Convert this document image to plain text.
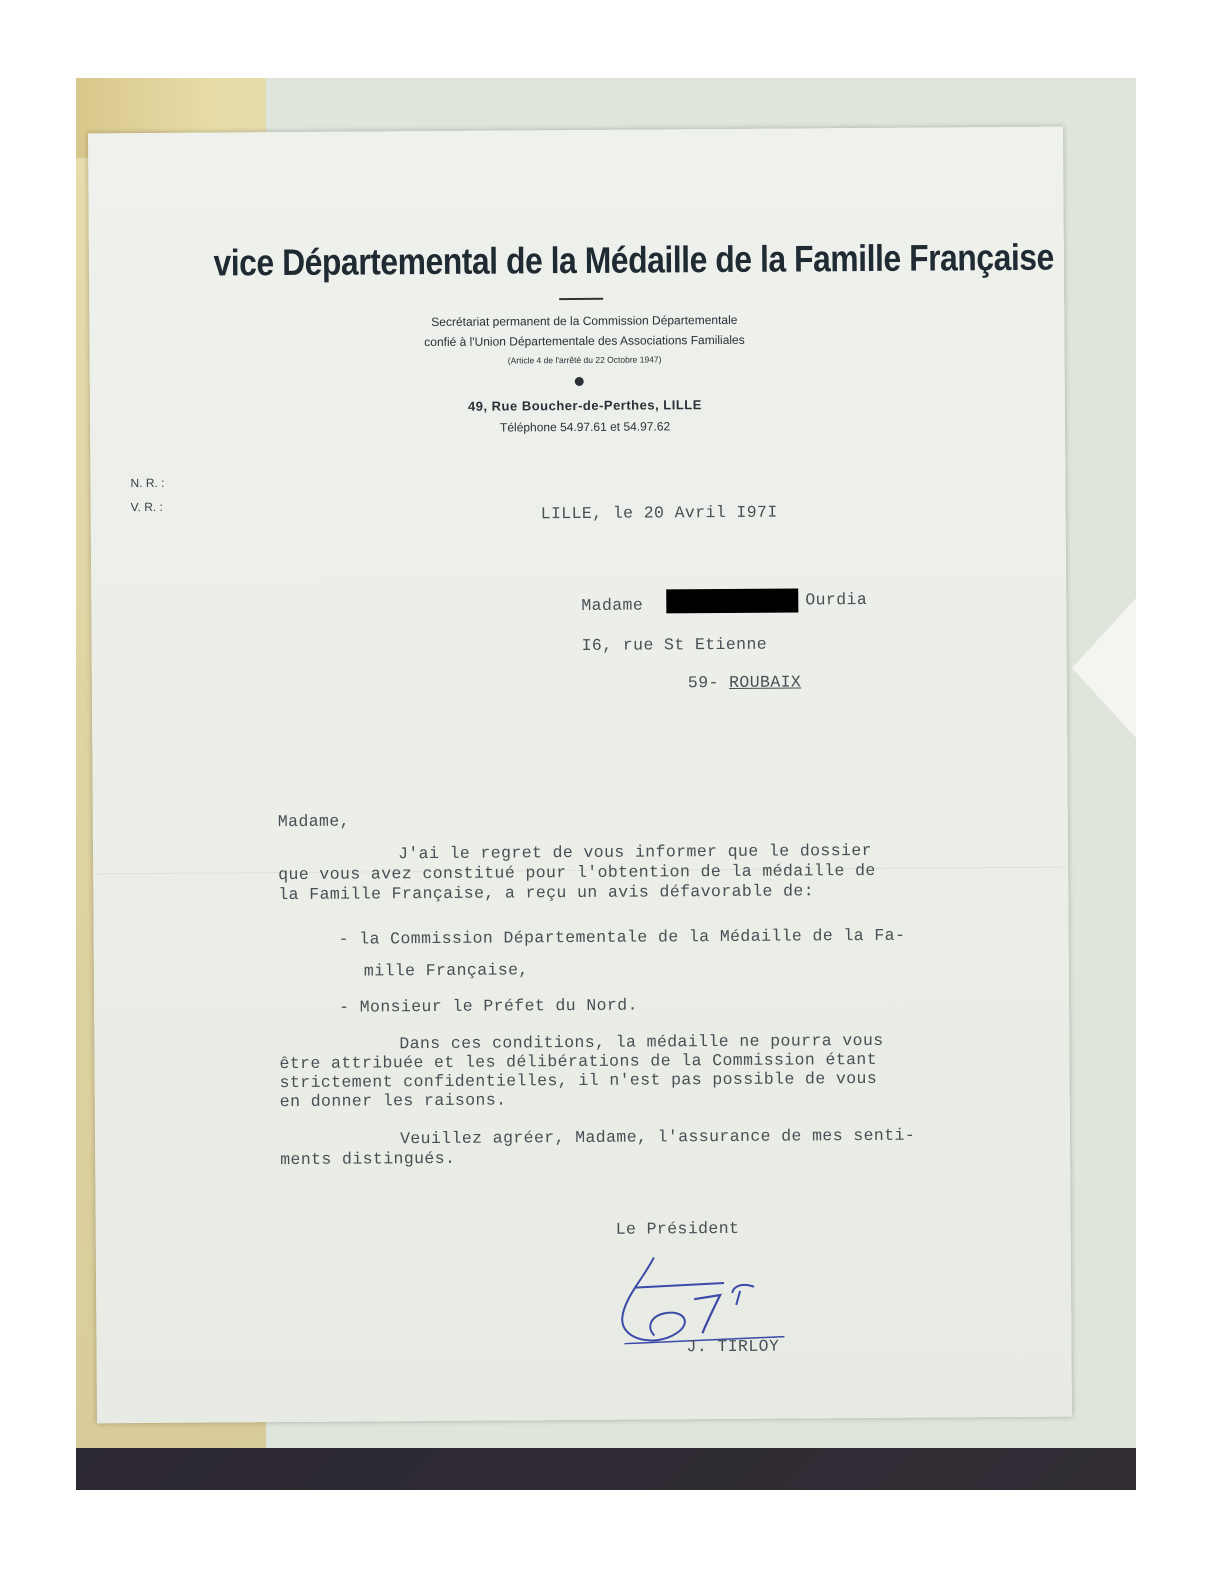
vice Départemental de la Médaille de la Famille Française
Secrétariat permanent de la Commission Départementale
confié à l'Union Départementale des Associations Familiales
(Article 4 de l'arrêté du 22 Octobre 1947)
49, Rue Boucher-de-Perthes, LILLE
Téléphone 54.97.61 et 54.97.62
N. R. :
V. R. :	LILLE, le 20 Avril I97I
Madame	Ourdia
I6, rue St Etienne
59- ROUBAIX
Madame,
J'ai le regret de vous informer que le dossier
que vous avez constitué pour l'obtention de la médaille de
la Famille Française, a reçu un avis défavorable de:
- la Commission Départementale de la Médaille de la Fa-
mille Française,
- Monsieur le Préfet du Nord.
Dans ces conditions, la médaille ne pourra vous
être attribuée et les délibérations de la Commission étant
strictement confidentielles, il n'est pas possible de vous
en donner les raisons.
Veuillez agréer, Madame, l'assurance de mes senti-
ments distingués.
Le Président
J. TIRLOY
